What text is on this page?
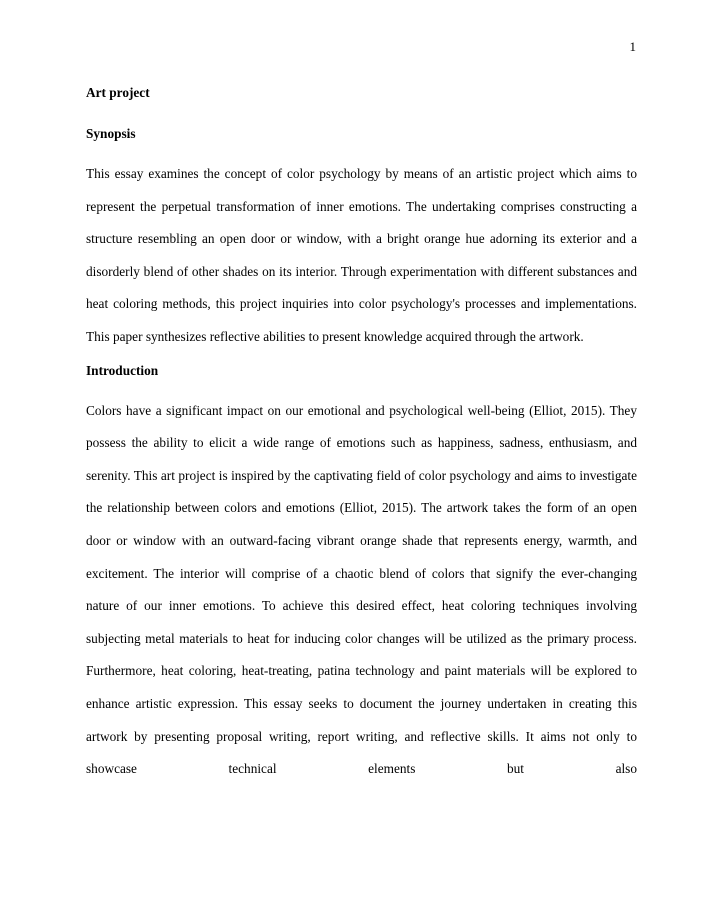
1

Art project

Synopsis

This essay examines the concept of color psychology by means of an artistic project which aims to represent the perpetual transformation of inner emotions. The undertaking comprises constructing a structure resembling an open door or window, with a bright orange hue adorning its exterior and a disorderly blend of other shades on its interior. Through experimentation with different substances and heat coloring methods, this project inquiries into color psychology's processes and implementations. This paper synthesizes reflective abilities to present knowledge acquired through the artwork.

Introduction

Colors have a significant impact on our emotional and psychological well-being (Elliot, 2015). They possess the ability to elicit a wide range of emotions such as happiness, sadness, enthusiasm, and serenity. This art project is inspired by the captivating field of color psychology and aims to investigate the relationship between colors and emotions (Elliot, 2015). The artwork takes the form of an open door or window with an outward-facing vibrant orange shade that represents energy, warmth, and excitement. The interior will comprise of a chaotic blend of colors that signify the ever-changing nature of our inner emotions. To achieve this desired effect, heat coloring techniques involving subjecting metal materials to heat for inducing color changes will be utilized as the primary process. Furthermore, heat coloring, heat-treating, patina technology and paint materials will be explored to enhance artistic expression. This essay seeks to document the journey undertaken in creating this artwork by presenting proposal writing, report writing, and reflective skills. It aims not only to showcase technical elements but also
